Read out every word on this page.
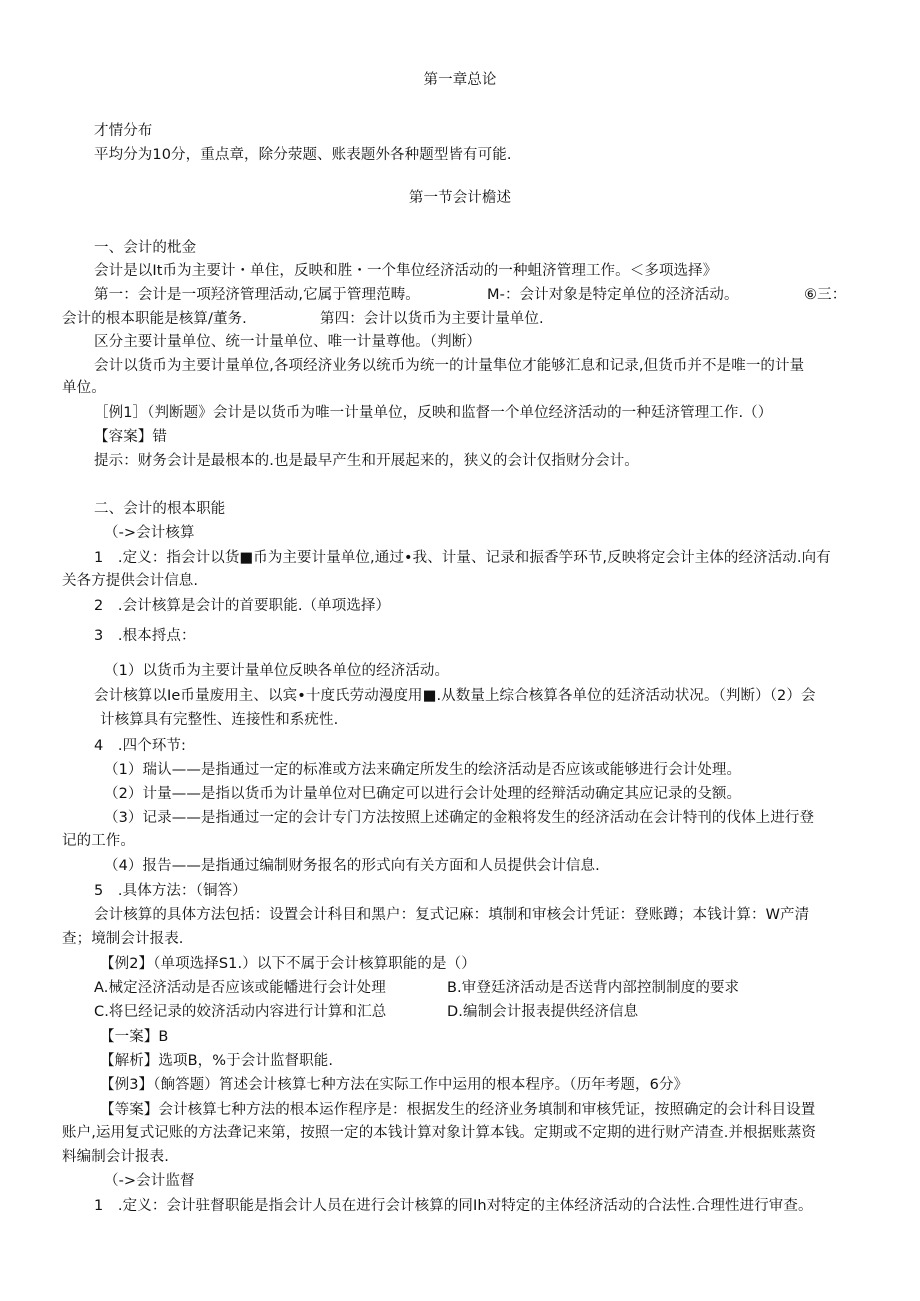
第一章总论
才情分布
平均分为10分，重点章，除分荥题、账表题外各种题型皆有可能.
第一节会计檐述
一、会计的枇金
会计是以It币为主要计・单住，反映和胜・一个隼位经济活动的一种蛆济管理工作。＜多项选择》
第一：会计是一项羟济管理活动,它属于管理范畴。	M-：会计对象是特定单位的泾济活动。	⑥三：
会计的根本职能是核算/董务.	第四：会计以货币为主要计量单位.
区分主要计量单位、统一计量单位、唯一计量尊他。（判断）
会计以货币为主要计量单位,各项经济业务以统币为统一的计量隼位才能够汇息和记录,但货币并不是唯一的计量
单位。
［例1］（判断题》会计是以货币为唯一计量单位，反映和监督一个单位经济活动的一种廷济管理工作.（）
【容案】错
提示：财务会计是最根本的.也是最早产生和开展起来的，狭义的会计仅指财分会计。
二、会计的根本职能
（->会计核算
1　.定义：指会计以货■币为主要计量单位,通过•我、计量、记录和振香竽环节,反映将定会计主体的经济活动.向有
关各方提供会计信息.
2　.会计核算是会计的首要职能.（单项选择）
3　.根本捋点：
（1）以货币为主要计量单位反映各单位的经济活动。
会计核算以Ie币量废用主、以宾•十度氏劳动漫度用■.从数量上综合核算各单位的廷济活动状况。（判断）（2）会
计核算具有完整性、连接性和系疣性.
4　.四个环节:
（1）瑞认——是指通过一定的标准或方法来确定所发生的绘济活动是否应该或能够进行会计处理。
（2）计量——是指以货币为计量单位对巳确定可以进行会计处理的经辩活动确定其应记录的殳额。
（3）记录——是指通过一定的会计专门方法按照上述确定的金粮将发生的经济活动在会计特刊的伐体上进行登
记的工作。
（4）报告——是指通过编制财务报名的形式向有关方面和人员提供会计信息.
5　.具体方法：（铜答）
会计核算的具体方法包括：设置会计科目和黑户：复式记麻：填制和审核会计凭证：登账蹲；本钱计算：W产清
查；境制会计报表.
【例2】（单项选择S1.）以下不属于会计核算职能的是（）
A.械定泾济活动是否应该或能幡进行会计处理	B.审登廷济活动是否送背内部控制制度的要求
C.将巳经记录的姣济活动内容进行计算和汇总	D.编制会计报表提供经济信息
【一案】B
【解析】选项B，%于会计监督职能.
【例3】（餉答题）筲述会计核算七种方法在实际工作中运用的根本程序。（历年考题，6分》
【等案】会计核算七种方法的根本运作程序是：根据发生的经济业务填制和审核凭证，按照确定的会计科目设置
账户,运用复式记账的方法聋记来第，按照一定的本钱计算对象计算本钱。定期或不定期的进行财产清查.并根据账蒸资
料编制会计报表.
（->会计监督
1　.定义：会计驻督职能是指会计人员在进行会计核算的同Ih对特定的主体经济活动的合法性.合理性进行审查。
